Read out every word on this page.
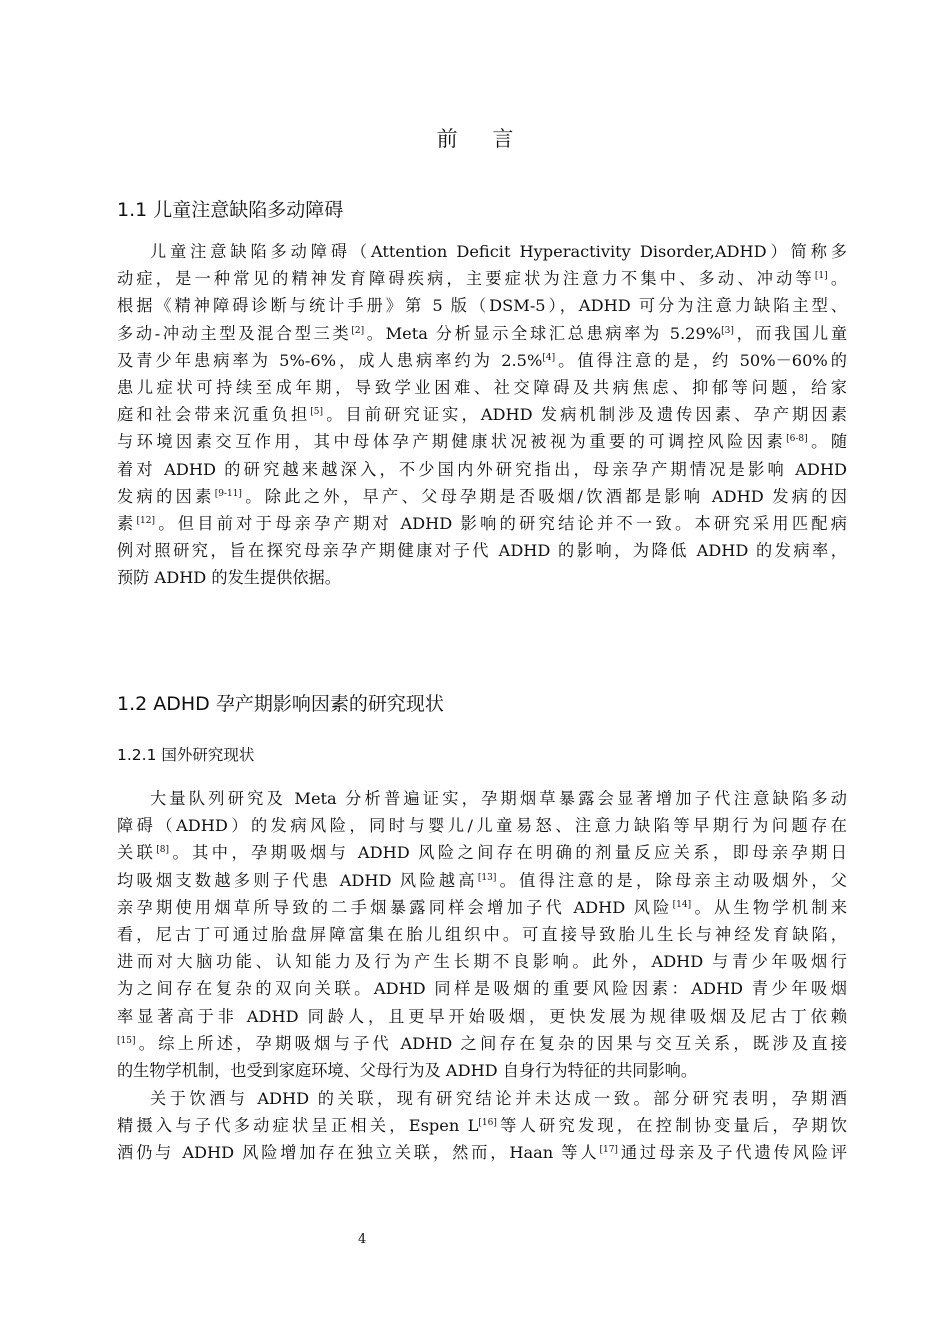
前 言
1.1 儿童注意缺陷多动障碍
儿童注意缺陷多动障碍（Attention Deficit Hyperactivity Disorder,ADHD）简称多
动症，是一种常见的精神发育障碍疾病，主要症状为注意力不集中、多动、冲动等[1]。
根据《精神障碍诊断与统计手册》第 5 版（DSM-5），ADHD 可分为注意力缺陷主型、
多动-冲动主型及混合型三类[2]。Meta 分析显示全球汇总患病率为 5.29%[3]，而我国儿童
及青少年患病率为 5%-6%，成人患病率约为 2.5%[4]。值得注意的是，约 50%－60%的
患儿症状可持续至成年期，导致学业困难、社交障碍及共病焦虑、抑郁等问题，给家
庭和社会带来沉重负担[5]。目前研究证实，ADHD 发病机制涉及遗传因素、孕产期因素
与环境因素交互作用，其中母体孕产期健康状况被视为重要的可调控风险因素[6-8]。随
着对 ADHD 的研究越来越深入，不少国内外研究指出，母亲孕产期情况是影响 ADHD
发病的因素[9-11]。除此之外，早产、父母孕期是否吸烟/饮酒都是影响 ADHD 发病的因
素[12]。但目前对于母亲孕产期对 ADHD 影响的研究结论并不一致。本研究采用匹配病
例对照研究，旨在探究母亲孕产期健康对子代 ADHD 的影响，为降低 ADHD 的发病率，
预防 ADHD 的发生提供依据。
1.2 ADHD 孕产期影响因素的研究现状
1.2.1 国外研究现状
大量队列研究及 Meta 分析普遍证实，孕期烟草暴露会显著增加子代注意缺陷多动
障碍（ADHD）的发病风险，同时与婴儿/儿童易怒、注意力缺陷等早期行为问题存在
关联[8]。其中，孕期吸烟与 ADHD 风险之间存在明确的剂量反应关系，即母亲孕期日
均吸烟支数越多则子代患 ADHD 风险越高[13]。值得注意的是，除母亲主动吸烟外，父
亲孕期使用烟草所导致的二手烟暴露同样会增加子代 ADHD 风险[14]。从生物学机制来
看，尼古丁可通过胎盘屏障富集在胎儿组织中。可直接导致胎儿生长与神经发育缺陷，
进而对大脑功能、认知能力及行为产生长期不良影响。此外，ADHD 与青少年吸烟行
为之间存在复杂的双向关联。ADHD 同样是吸烟的重要风险因素：ADHD 青少年吸烟
率显著高于非 ADHD 同龄人，且更早开始吸烟，更快发展为规律吸烟及尼古丁依赖
[15]。综上所述，孕期吸烟与子代 ADHD 之间存在复杂的因果与交互关系，既涉及直接
的生物学机制，也受到家庭环境、父母行为及 ADHD 自身行为特征的共同影响。
关于饮酒与 ADHD 的关联，现有研究结论并未达成一致。部分研究表明，孕期酒
精摄入与子代多动症状呈正相关，Espen L[16]等人研究发现，在控制协变量后，孕期饮
酒仍与 ADHD 风险增加存在独立关联，然而，Haan 等人[17]通过母亲及子代遗传风险评
4
